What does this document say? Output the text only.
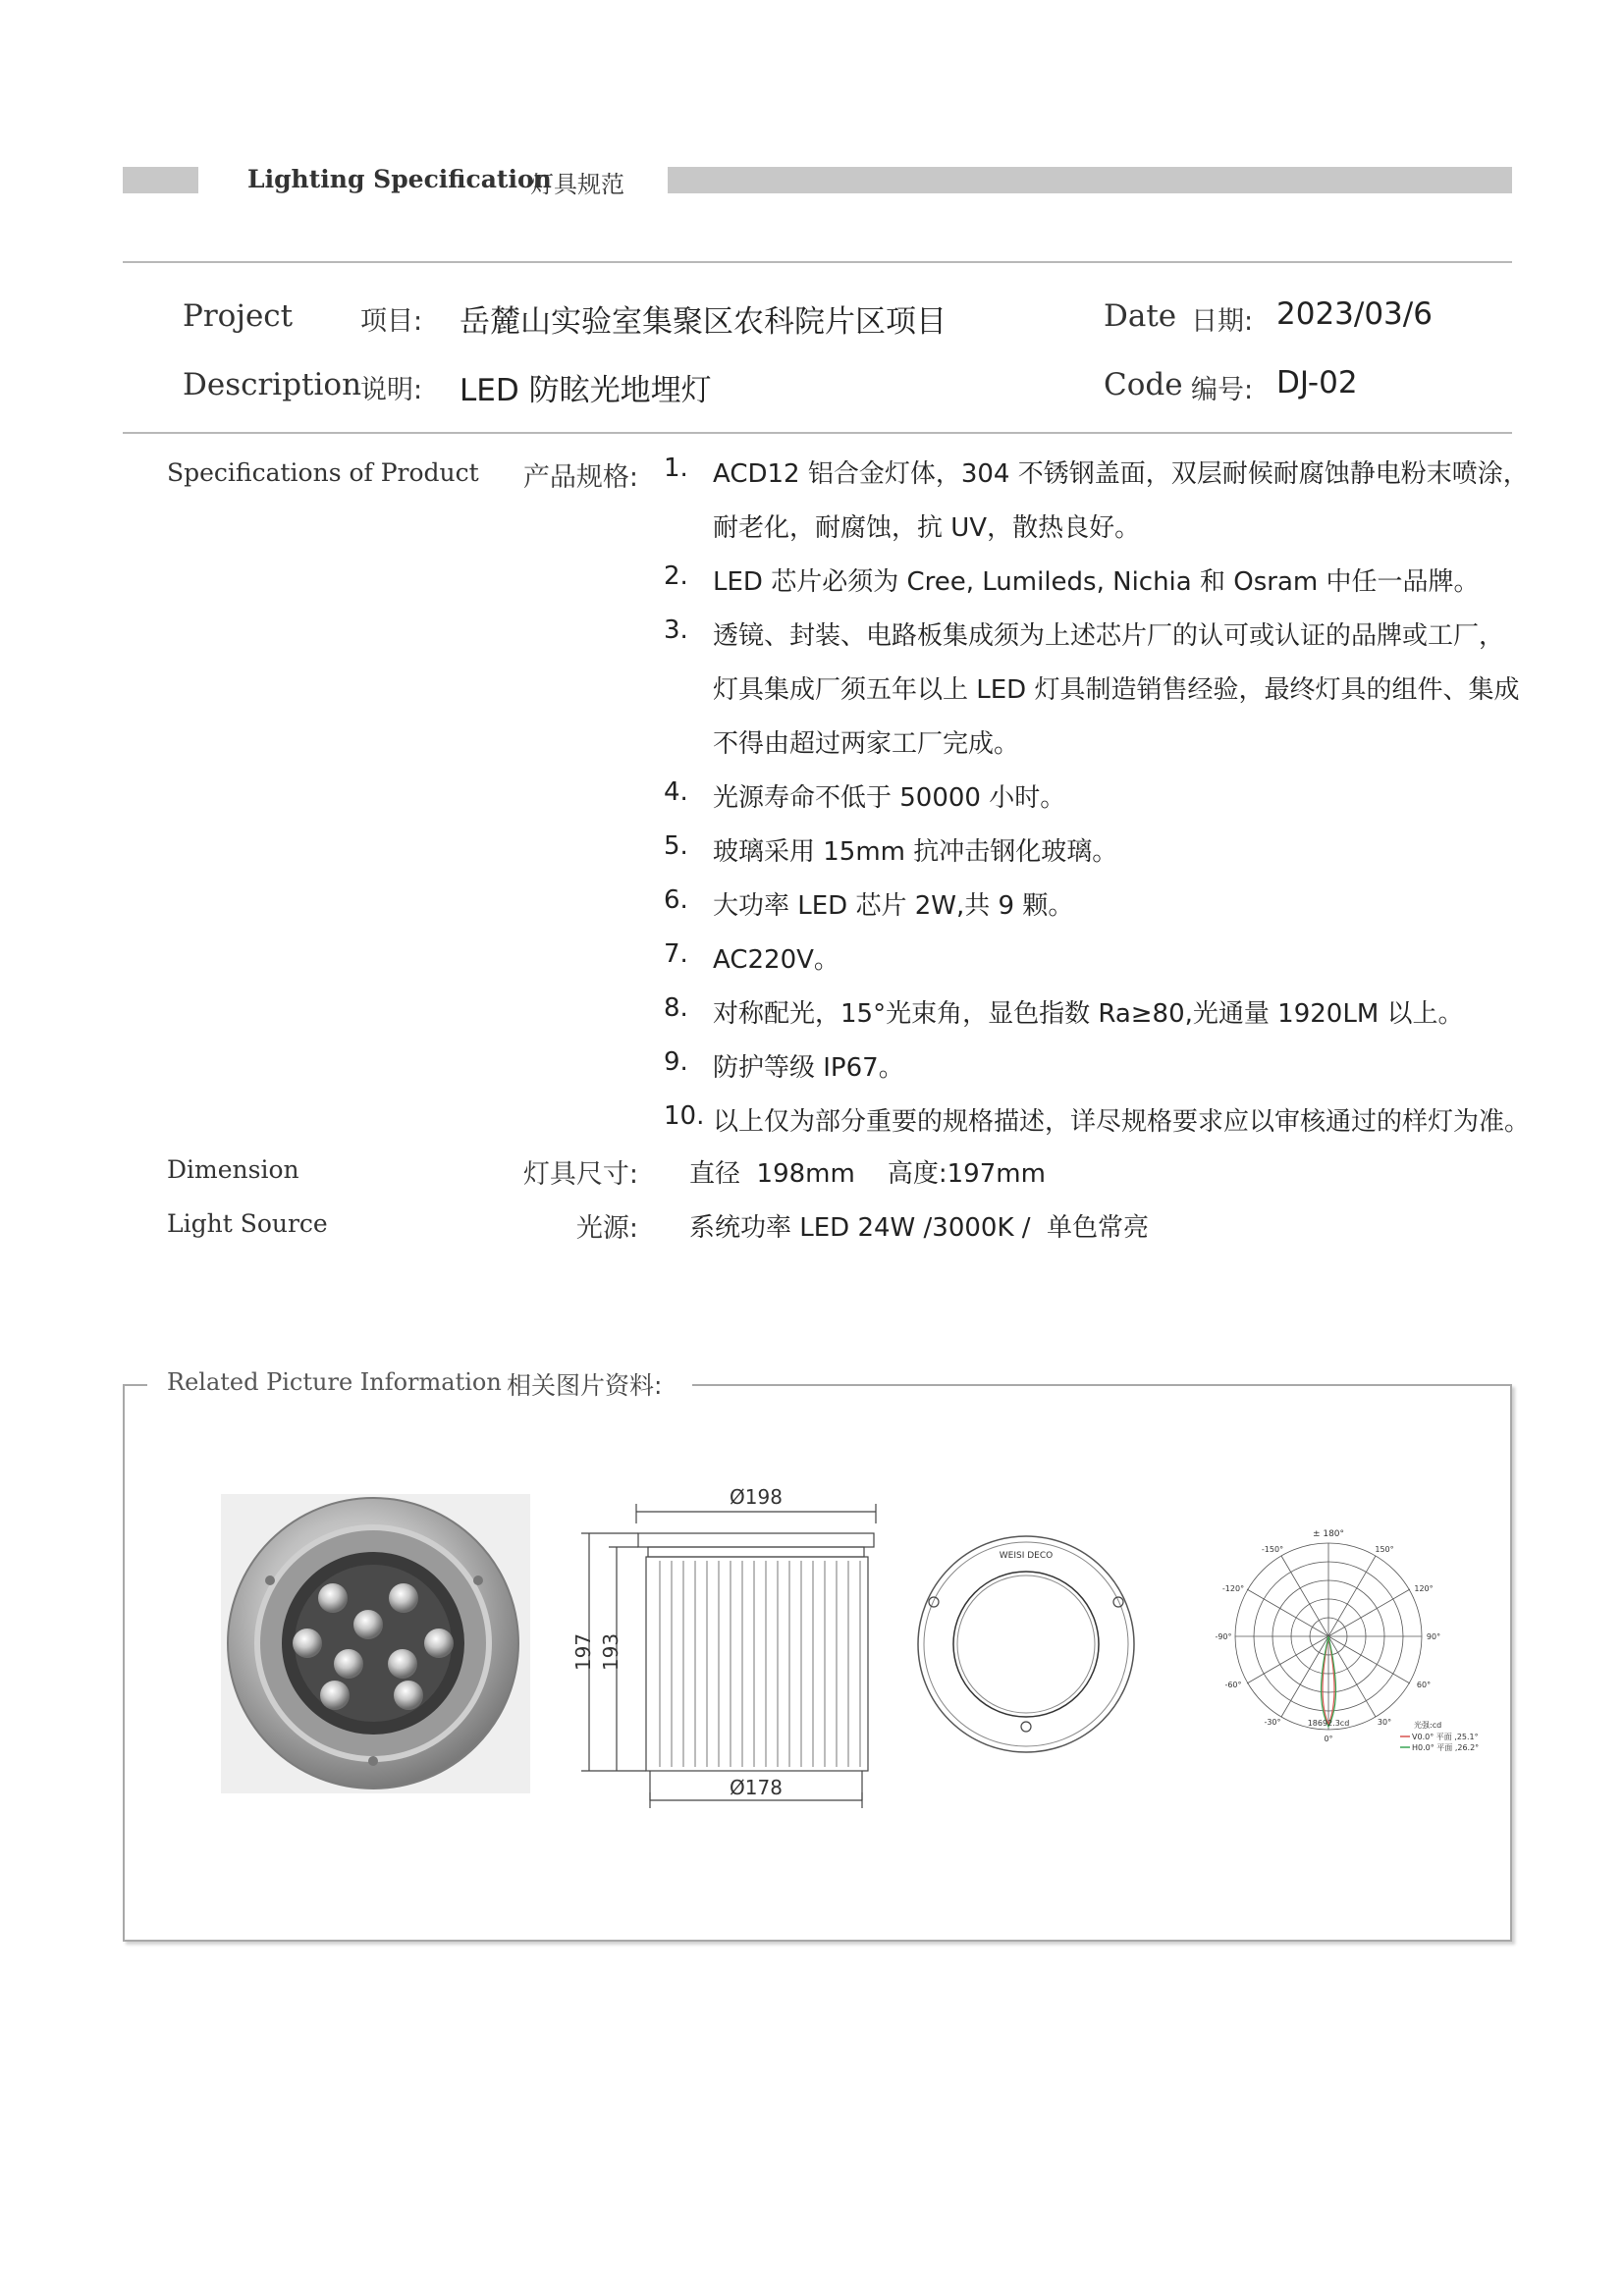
Lighting Specification
灯具规范
Project	项目: 岳麓山实验室集聚区农科院片区项目	Date 日期: 2023/03/6
Description
说明: LED 防眩光地埋灯	Code 编号: DJ-02
Specifications of Product	产品规格: 1. ACD12 铝合金灯体，304 不锈钢盖面，双层耐候耐腐蚀静电粉末喷涂，
耐老化，耐腐蚀，抗 UV，散热良好。
2. LED 芯片必须为 Cree, Lumileds, Nichia 和 Osram 中任一品牌。
3. 透镜、封装、电路板集成须为上述芯片厂的认可或认证的品牌或工厂，
灯具集成厂须五年以上 LED 灯具制造销售经验，最终灯具的组件、集成
不得由超过两家工厂完成。
4. 光源寿命不低于 50000 小时。
5. 玻璃采用 15mm 抗冲击钢化玻璃。
6. 大功率 LED 芯片 2W,共 9 颗。
7. AC220V。
8. 对称配光，15°光束角，显色指数 Ra≥80,光通量 1920LM 以上。
9. 防护等级 IP67。
10. 以上仅为部分重要的规格描述，详尽规格要求应以审核通过的样灯为准。
Dimension	灯具尺寸: 直径  198mm    高度:197mm
Light Source	光源: 系统功率 LED 24W /3000K /  单色常亮
Related Picture Information 相关图片资料:
Ø198
Ø178
197 193
WEISI DECO
± 180°
-150°	150°
-120°	120°
-90°	90°
-60°	60°
-30°	30°
0°
18692.3cd	光强:cd
V0.0° 平面 ,25.1°
H0.0° 平面 ,26.2°
